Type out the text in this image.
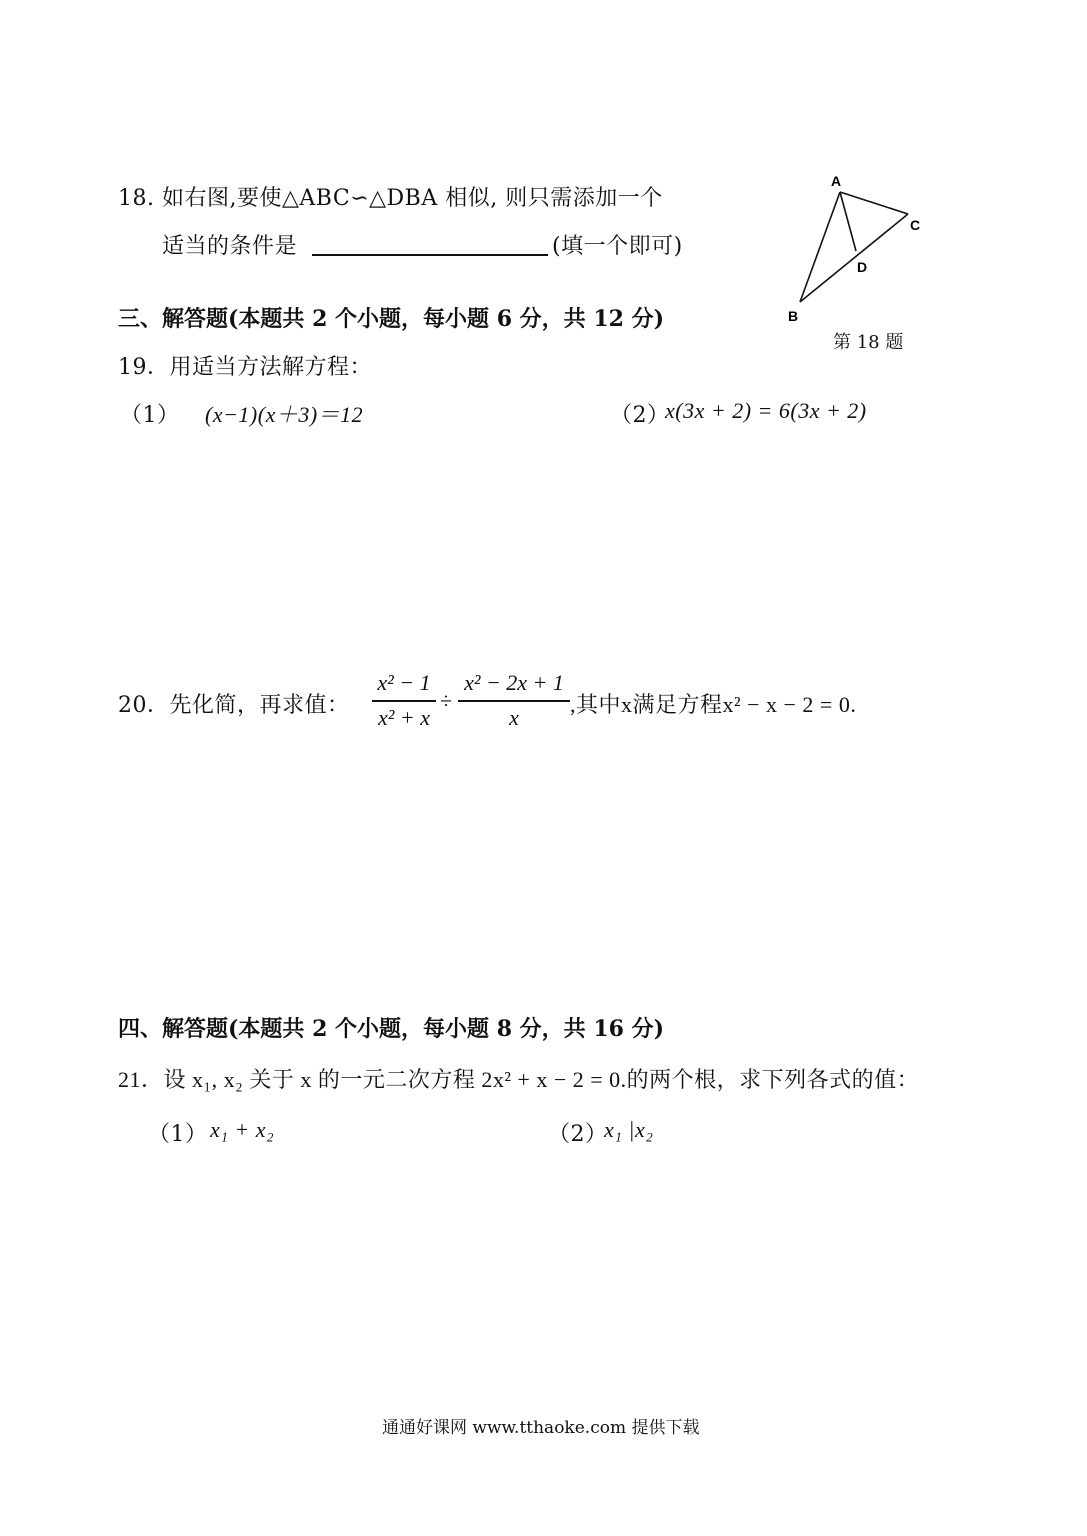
18. 如右图,要使△ABC∽△DBA 相似, 则只需添加一个
适当的条件是	(填一个即可)
A
C
D
B
第 18 题
三、解答题(本题共 2 个小题，每小题 6 分，共 12 分)
19．用适当方法解方程：
（1） (x−1)(x＋3)＝12	（2）
x(3x + 2) = 6(3x + 2)
20．先化简，再求值：
x² − 1
x² + x
÷
x² − 2x + 1
x	,其中x满足方程x² − x − 2 = 0.
四、解答题(本题共 2 个小题，每小题 8 分，共 16 分)
21．设 x₁, x₂ 关于 x 的一元二次方程 2x² + x − 2 = 0.的两个根，求下列各式的值：
（1） x₁ + x₂	（2）
x₁ |x₂
通通好课网 www.tthaoke.com 提供下载
